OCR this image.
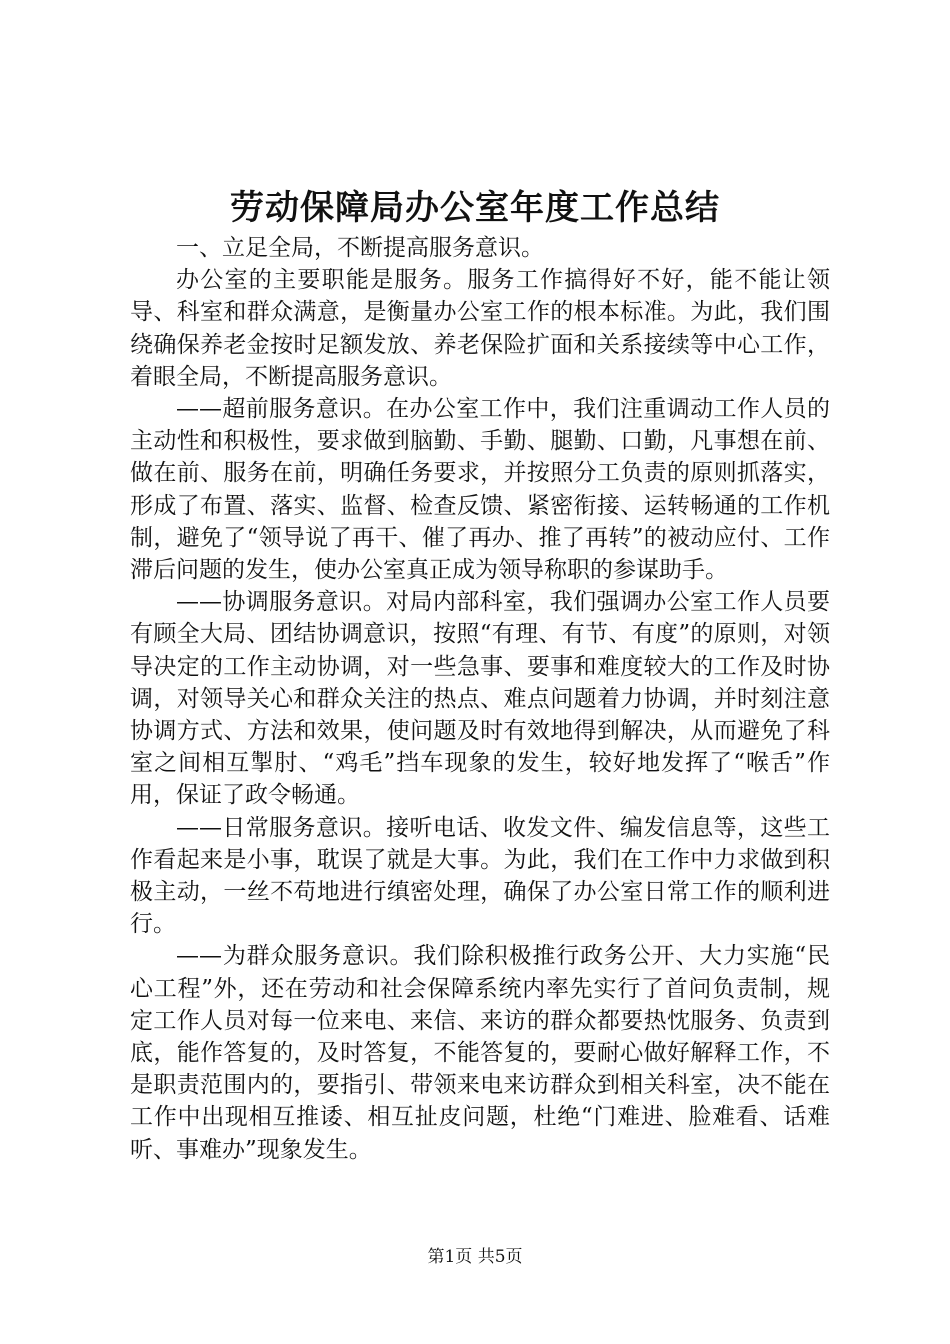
劳动保障局办公室年度工作总结

一、立足全局，不断提高服务意识。

办公室的主要职能是服务。服务工作搞得好不好，能不能让领导、科室和群众满意，是衡量办公室工作的根本标准。为此，我们围绕确保养老金按时足额发放、养老保险扩面和关系接续等中心工作，着眼全局，不断提高服务意识。

——超前服务意识。在办公室工作中，我们注重调动工作人员的主动性和积极性，要求做到脑勤、手勤、腿勤、口勤，凡事想在前、做在前、服务在前，明确任务要求，并按照分工负责的原则抓落实，形成了布置、落实、监督、检查反馈、紧密衔接、运转畅通的工作机制，避免了“领导说了再干、催了再办、推了再转”的被动应付、工作滞后问题的发生，使办公室真正成为领导称职的参谋助手。

——协调服务意识。对局内部科室，我们强调办公室工作人员要有顾全大局、团结协调意识，按照“有理、有节、有度”的原则，对领导决定的工作主动协调，对一些急事、要事和难度较大的工作及时协调，对领导关心和群众关注的热点、难点问题着力协调，并时刻注意协调方式、方法和效果，使问题及时有效地得到解决，从而避免了科室之间相互掣肘、“鸡毛”挡车现象的发生，较好地发挥了“喉舌”作用，保证了政令畅通。

——日常服务意识。接听电话、收发文件、编发信息等，这些工作看起来是小事，耽误了就是大事。为此，我们在工作中力求做到积极主动，一丝不苟地进行缜密处理，确保了办公室日常工作的顺利进行。

——为群众服务意识。我们除积极推行政务公开、大力实施“民心工程”外，还在劳动和社会保障系统内率先实行了首问负责制，规定工作人员对每一位来电、来信、来访的群众都要热忱服务、负责到底，能作答复的，及时答复，不能答复的，要耐心做好解释工作，不是职责范围内的，要指引、带领来电来访群众到相关科室，决不能在工作中出现相互推诿、相互扯皮问题，杜绝“门难进、脸难看、话难听、事难办”现象发生。

第1页 共5页
